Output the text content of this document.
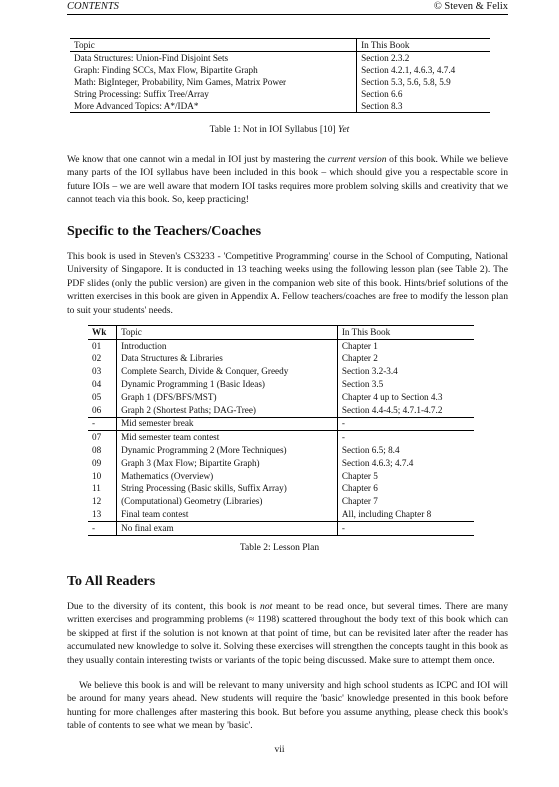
CONTENTS	© Steven & Felix
Topic	In This Book
Data Structures: Union-Find Disjoint Sets	Section 2.3.2
Graph: Finding SCCs, Max Flow, Bipartite Graph	Section 4.2.1, 4.6.3, 4.7.4
Math: BigInteger, Probability, Nim Games, Matrix Power	Section 5.3, 5.6, 5.8, 5.9
String Processing: Suffix Tree/Array	Section 6.6
More Advanced Topics: A*/IDA*	Section 8.3
Table 1: Not in IOI Syllabus [10] Yet

We know that one cannot win a medal in IOI just by mastering the current version of this book. While we believe many parts of the IOI syllabus have been included in this book – which should give you a respectable score in future IOIs – we are well aware that modern IOI tasks requires more problem solving skills and creativity that we cannot teach via this book. So, keep practicing!

Specific to the Teachers/Coaches

This book is used in Steven's CS3233 - 'Competitive Programming' course in the School of Computing, National University of Singapore. It is conducted in 13 teaching weeks using the following lesson plan (see Table 2). The PDF slides (only the public version) are given in the companion web site of this book. Hints/brief solutions of the written exercises in this book are given in Appendix A. Fellow teachers/coaches are free to modify the lesson plan to suit your students' needs.

Wk	Topic	In This Book
01	Introduction	Chapter 1
02	Data Structures & Libraries	Chapter 2
03	Complete Search, Divide & Conquer, Greedy	Section 3.2-3.4
04	Dynamic Programming 1 (Basic Ideas)	Section 3.5
05	Graph 1 (DFS/BFS/MST)	Chapter 4 up to Section 4.3
06	Graph 2 (Shortest Paths; DAG-Tree)	Section 4.4-4.5; 4.7.1-4.7.2
-	Mid semester break	-
07	Mid semester team contest	-
08	Dynamic Programming 2 (More Techniques)	Section 6.5; 8.4
09	Graph 3 (Max Flow; Bipartite Graph)	Section 4.6.3; 4.7.4
10	Mathematics (Overview)	Chapter 5
11	String Processing (Basic skills, Suffix Array)	Chapter 6
12	(Computational) Geometry (Libraries)	Chapter 7
13	Final team contest	All, including Chapter 8
-	No final exam	-
Table 2: Lesson Plan
To All Readers

Due to the diversity of its content, this book is not meant to be read once, but several times. There are many written exercises and programming problems (≈ 1198) scattered throughout the body text of this book which can be skipped at first if the solution is not known at that point of time, but can be revisited later after the reader has accumulated new knowledge to solve it. Solving these exercises will strengthen the concepts taught in this book as they usually contain interesting twists or variants of the topic being discussed. Make sure to attempt them once.

We believe this book is and will be relevant to many university and high school students as ICPC and IOI will be around for many years ahead. New students will require the 'basic' knowledge presented in this book before hunting for more challenges after mastering this book. But before you assume anything, please check this book's table of contents to see what we mean by 'basic'.

vii
